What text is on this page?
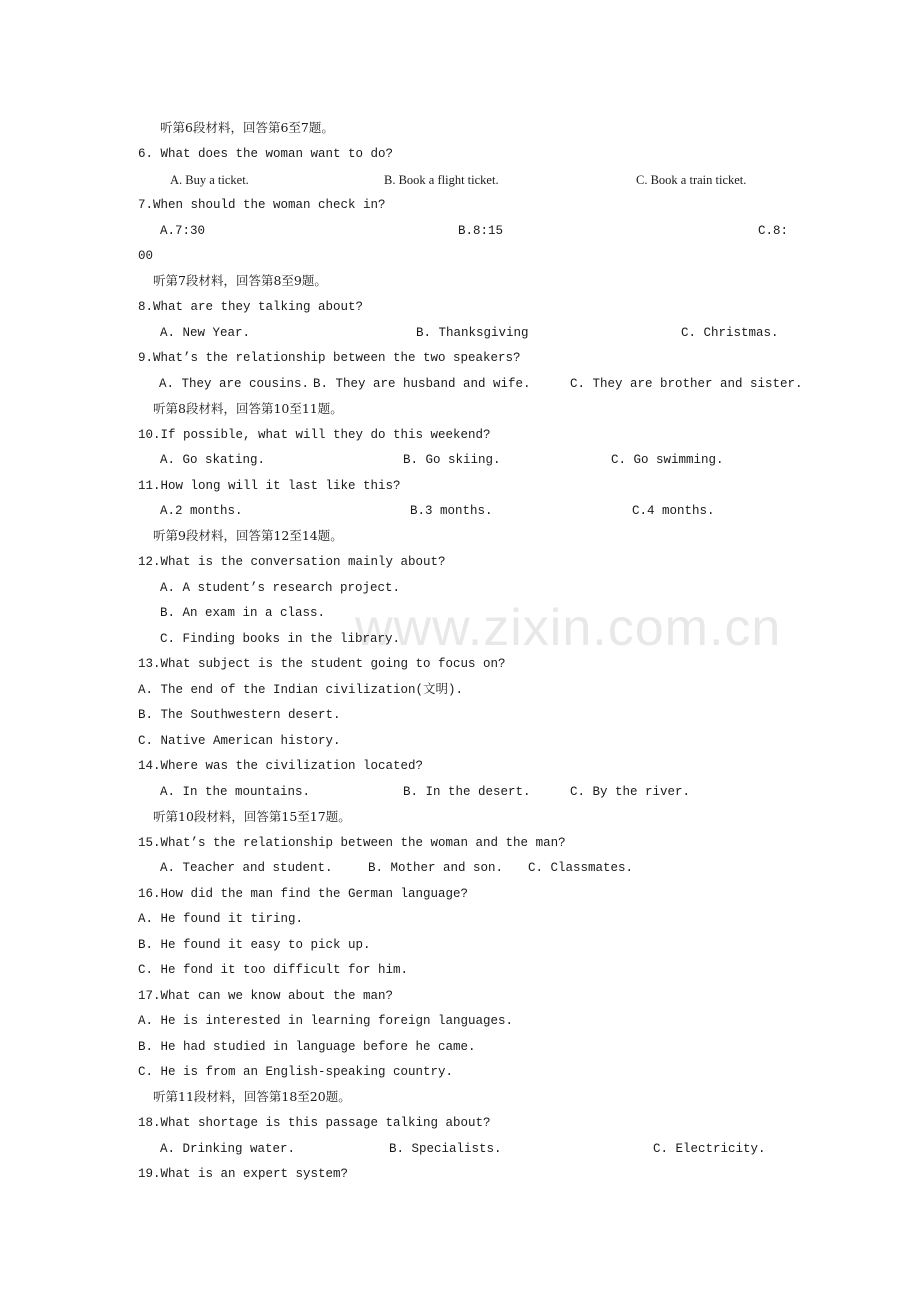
www.zixin.com.cn
听第6段材料，回答第6至7题。
6. What does the woman want to do?
A. Buy a ticket.	B. Book a flight ticket.	C. Book a train ticket.
7.When should the woman check in?
A.7:30	B.8:15	C.8:
00
听第7段材料，回答第8至9题。
8.What are they talking about?
A. New Year.	B. Thanksgiving	C. Christmas.
9.What’s the relationship between the two speakers?
A. They are cousins. B. They are husband and wife.	C. They are brother and sister.
听第8段材料，回答第10至11题。
10.If possible, what will they do this weekend?
A. Go skating.	B. Go skiing.	C. Go swimming.
11.How long will it last like this?
A.2 months.	B.3 months.	C.4 months.
听第9段材料，回答第12至14题。
12.What is the conversation mainly about?
A. A student’s research project.
B. An exam in a class.
C. Finding books in the library.
13.What subject is the student going to focus on?
A. The end of the Indian civilization(文明).
B. The Southwestern desert.
C. Native American history.
14.Where was the civilization located?
A. In the mountains.	B. In the desert.	C. By the river.
听第10段材料，回答第15至17题。
15.What’s the relationship between the woman and the man?
A. Teacher and student.	B. Mother and son. C. Classmates.
16.How did the man find the German language?
A. He found it tiring.
B. He found it easy to pick up.
C. He fond it too difficult for him.
17.What can we know about the man?
A. He is interested in learning foreign languages.
B. He had studied in language before he came.
C. He is from an English-speaking country.
听第11段材料，回答第18至20题。
18.What shortage is this passage talking about?
A. Drinking water.	B. Specialists.	C. Electricity.
19.What is an expert system?
